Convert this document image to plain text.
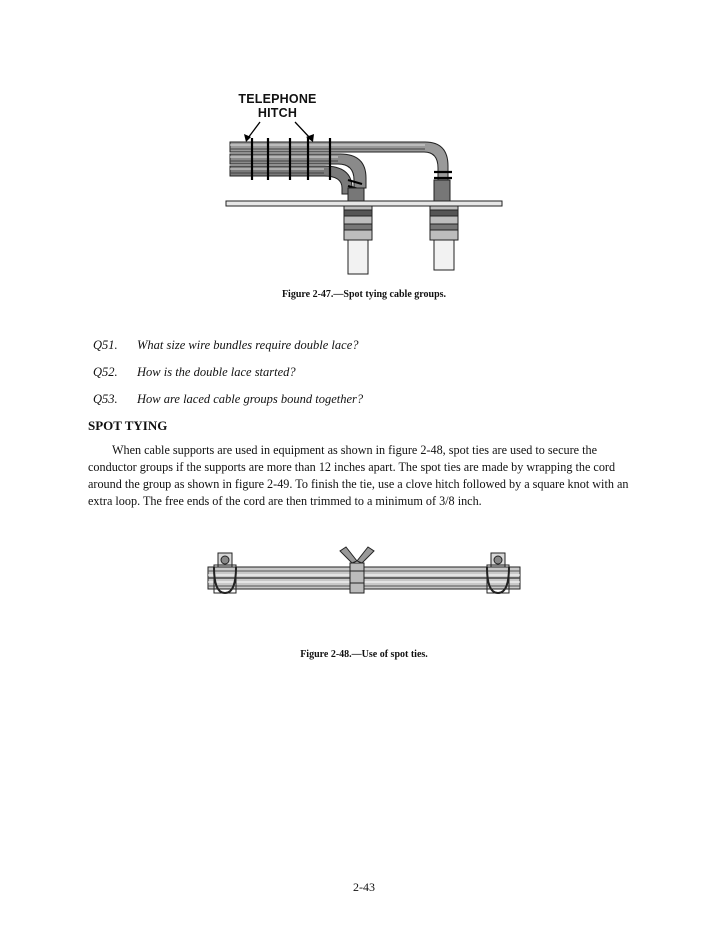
TELEPHONE
HITCH
Figure 2-47.—Spot tying cable groups.
Q51. What size wire bundles require double lace?
Q52. How is the double lace started?
Q53. How are laced cable groups bound together?
SPOT TYING

When cable supports are used in equipment as shown in figure 2-48, spot ties are used to secure the conductor groups if the supports are more than 12 inches apart. The spot ties are made by wrapping the cord around the group as shown in figure 2-49. To finish the tie, use a clove hitch followed by a square knot with an extra loop. The free ends of the cord are then trimmed to a minimum of 3/8 inch.

Figure 2-48.—Use of spot ties.
2-43
